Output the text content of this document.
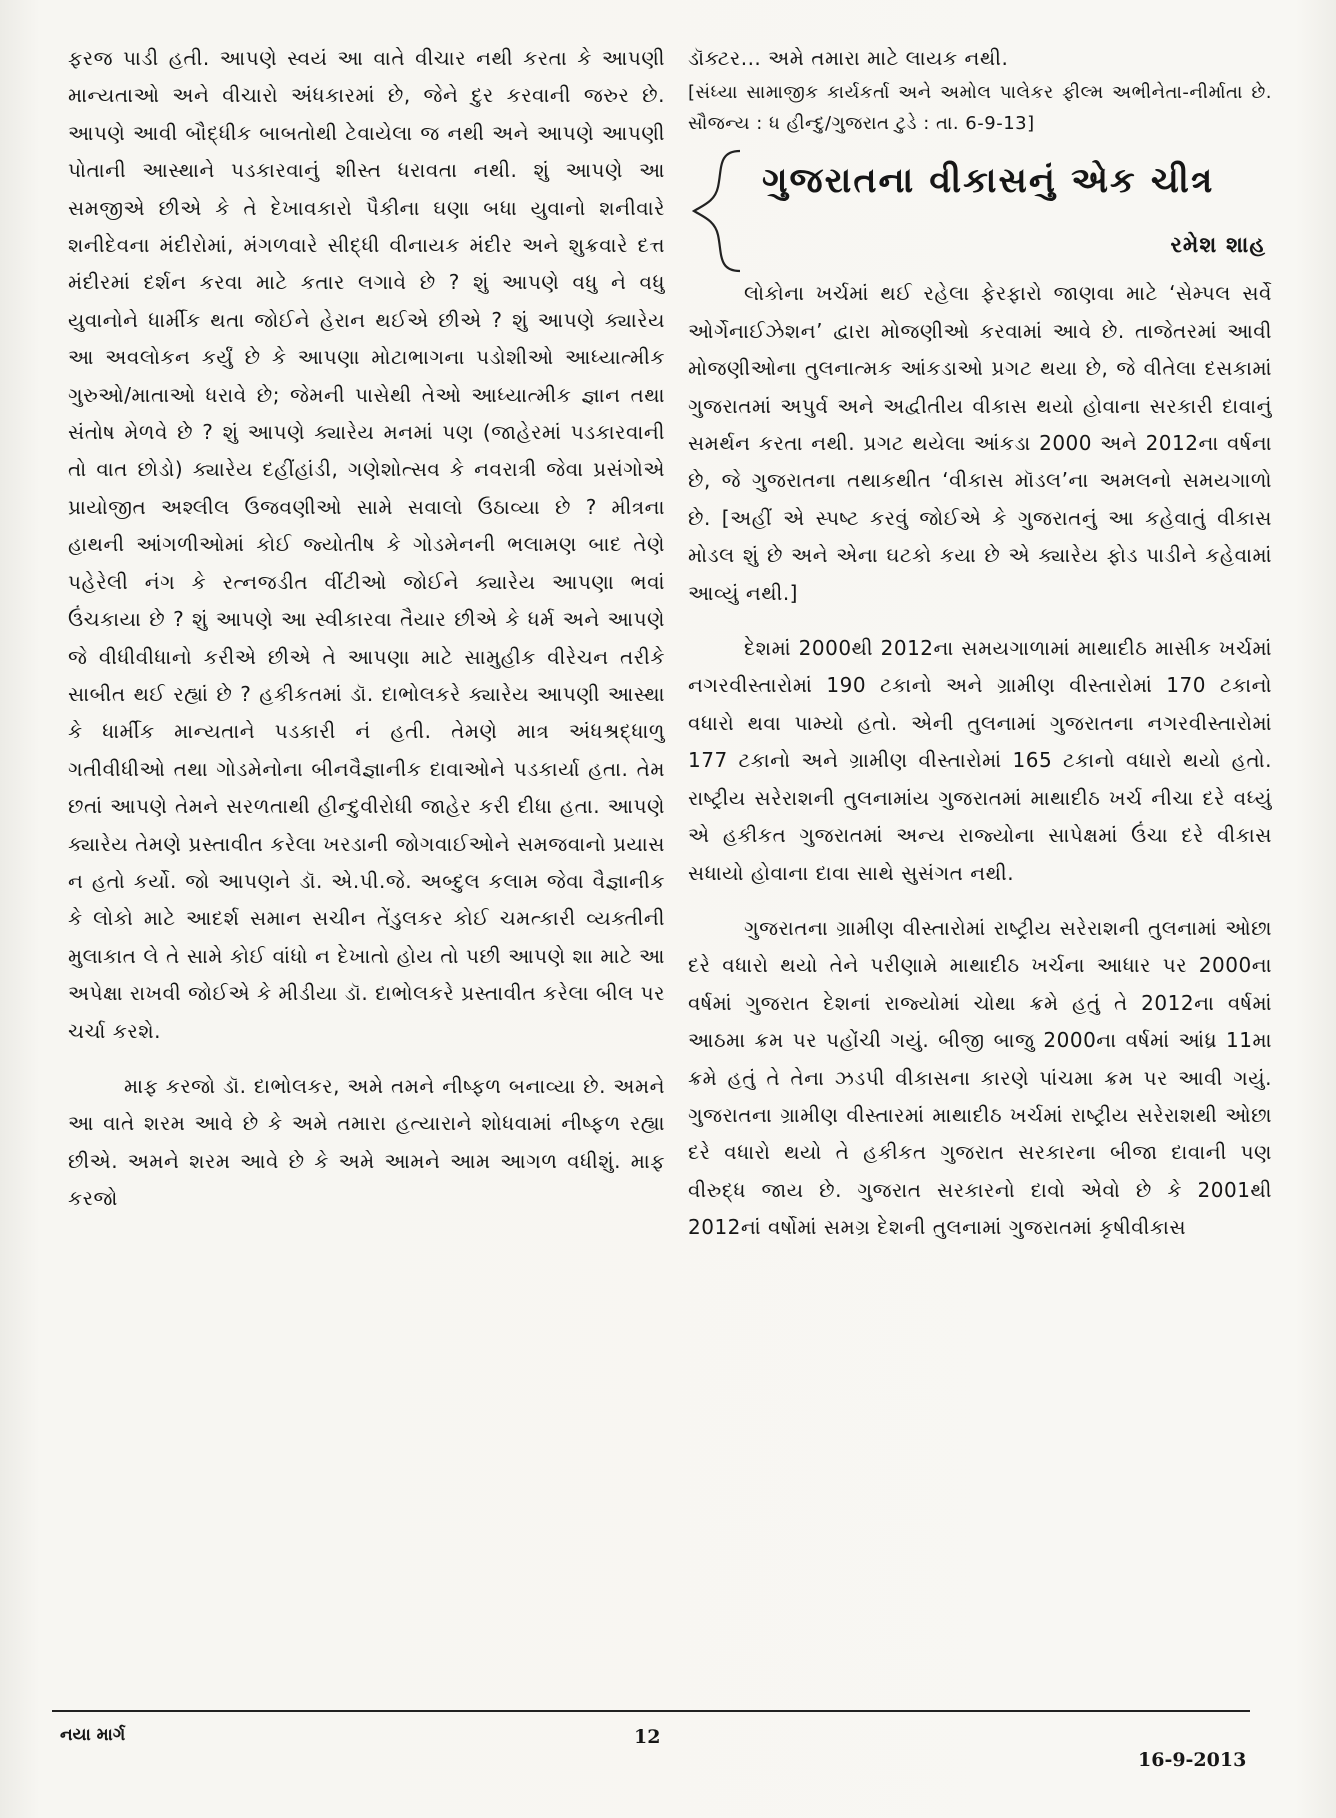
ફરજ પાડી હતી. આપણે સ્વયં આ વાતે વીચાર નથી કરતા કે આપણી માન્યતાઓ અને વીચારો અંધકારમાં છે, જેને દુર કરવાની જરુર છે. આપણે આવી બૌદ્ધીક બાબતોથી ટેવાયેલા જ નથી અને આપણે આપણી પોતાની આસ્થાને પડકારવાનું શીસ્ત ધરાવતા નથી. શું આપણે આ સમજીએ છીએ કે તે દેખાવકારો પૈકીના ઘણા બધા યુવાનો શનીવારે શનીદેવના મંદીરોમાં, મંગળવારે સીદ્ધી વીનાયક મંદીર અને શુક્રવારે દત્ત મંદીરમાં દર્શન કરવા માટે કતાર લગાવે છે ? શું આપણે વધુ ને વધુ યુવાનોને ધાર્મીક થતા જોઈને હેરાન થઈએ છીએ ? શું આપણે ક્યારેય આ અવલોકન કર્યું છે કે આપણા મોટાભાગના પડોશીઓ આધ્યાત્મીક ગુરુઓ/માતાઓ ધરાવે છે; જેમની પાસેથી તેઓ આધ્યાત્મીક જ્ઞાન તથા સંતોષ મેળવે છે ? શું આપણે ક્યારેય મનમાં પણ (જાહેરમાં પડકારવાની તો વાત છોડો) ક્યારેય દહીંહાંડી, ગણેશોત્સવ કે નવરાત્રી જેવા પ્રસંગોએ પ્રાયોજીત અશ્લીલ ઉજવણીઓ સામે સવાલો ઉઠાવ્યા છે ? મીત્રના હાથની આંગળીઓમાં કોઈ જ્યોતીષ કે ગોડમેનની ભલામણ બાદ તેણે પહેરેલી નંગ કે રત્નજડીત વીંટીઓ જોઈને ક્યારેય આપણા ભવાં ઉંચકાયા છે ? શું આપણે આ સ્વીકારવા તૈયાર છીએ કે ધર્મ અને આપણે જે વીધીવીધાનો કરીએ છીએ તે આપણા માટે સામુહીક વીરેચન તરીકે સાબીત થઈ રહ્યાં છે ? હકીકતમાં ડૉ. દાભોલકરે ક્યારેય આપણી આસ્થા કે ધાર્મીક માન્યતાને પડકારી નં હતી. તેમણે માત્ર અંધશ્રદ્ધાળુ ગતીવીધીઓ તથા ગોડમેનોના બીનવૈજ્ઞાનીક દાવાઓને પડકાર્યા હતા. તેમ છતાં આપણે તેમને સરળતાથી હીન્દુવીરોધી જાહેર કરી દીધા હતા. આપણે ક્યારેય તેમણે પ્રસ્તાવીત કરેલા ખરડાની જોગવાઈઓને સમજવાનો પ્રયાસ ન હતો કર્યો. જો આપણને ડૉ. એ.પી.જે. અબ્દુલ કલામ જેવા વૈજ્ઞાનીક કે લોકો માટે આદર્શ સમાન સચીન તેંડુલકર કોઈ ચમત્કારી વ્યક્તીની મુલાકાત લે તે સામે કોઈ વાંધો ન દેખાતો હોય તો પછી આપણે શા માટે આ અપેક્ષા રાખવી જોઈએ કે મીડીયા ડૉ. દાભોલકરે પ્રસ્તાવીત કરેલા બીલ પર ચર્ચા કરશે.

માફ કરજો ડૉ. દાભોલકર, અમે તમને નીષ્ફળ બનાવ્યા છે. અમને આ વાતે શરમ આવે છે કે અમે તમારા હત્યારાને શોધવામાં નીષ્ફળ રહ્યા છીએ. અમને શરમ આવે છે કે અમે આમને આમ આગળ વધીશું. માફ કરજો

ડૉક્ટર... અમે તમારા માટે લાયક નથી.

[સંધ્યા સામાજીક કાર્યકર્તા અને અમોલ પાલેકર ફીલ્મ અભીનેતા-નીર્માતા છે. સૌજન્ય : ધ હીન્દુ/ગુજરાત ટુડે : તા. 6-9-13]

ગુજરાતના વીકાસનું એક ચીત્ર
રમેશ શાહ

લોકોના ખર્ચમાં થઈ રહેલા ફેરફારો જાણવા માટે ‘સેમ્પલ સર્વે ઓર્ગેનાઈઝેશન’ દ્વારા મોજણીઓ કરવામાં આવે છે. તાજેતરમાં આવી મોજણીઓના તુલનાત્મક આંકડાઓ પ્રગટ થયા છે, જે વીતેલા દસકામાં ગુજરાતમાં અપુર્વ અને અદ્વીતીય વીકાસ થયો હોવાના સરકારી દાવાનું સમર્થન કરતા નથી. પ્રગટ થયેલા આંકડા 2000 અને 2012ના વર્ષના છે, જે ગુજરાતના તથાકથીત ‘વીકાસ મૉડલ’ના અમલનો સમયગાળો છે. [અહીં એ સ્પષ્ટ કરવું જોઈએ કે ગુજરાતનું આ કહેવાતું વીકાસ મોડલ શું છે અને એના ઘટકો કયા છે એ ક્યારેય ફોડ પાડીને કહેવામાં આવ્યું નથી.]

દેશમાં 2000થી 2012ના સમયગાળામાં માથાદીઠ માસીક ખર્ચમાં નગરવીસ્તારોમાં 190 ટકાનો અને ગ્રામીણ વીસ્તારોમાં 170 ટકાનો વધારો થવા પામ્યો હતો. એની તુલનામાં ગુજરાતના નગરવીસ્તારોમાં 177 ટકાનો અને ગ્રામીણ વીસ્તારોમાં 165 ટકાનો વધારો થયો હતો. રાષ્ટ્રીય સરેરાશની તુલનામાંય ગુજરાતમાં માથાદીઠ ખર્ચ નીચા દરે વધ્યું એ હકીકત ગુજરાતમાં અન્ય રાજ્યોના સાપેક્ષમાં ઉંચા દરે વીકાસ સધાયો હોવાના દાવા સાથે સુસંગત નથી.

ગુજરાતના ગ્રામીણ વીસ્તારોમાં રાષ્ટ્રીય સરેરાશની તુલનામાં ઓછા દરે વધારો થયો તેને પરીણામે માથાદીઠ ખર્ચના આધાર પર 2000ના વર્ષમાં ગુજરાત દેશનાં રાજ્યોમાં ચોથા ક્રમે હતું તે 2012ના વર્ષમાં આઠમા ક્રમ પર પહોંચી ગયું. બીજી બાજુ 2000ના વર્ષમાં આંધ્ર 11મા ક્રમે હતું તે તેના ઝડપી વીકાસના કારણે પાંચમા ક્રમ પર આવી ગયું. ગુજરાતના ગ્રામીણ વીસ્તારમાં માથાદીઠ ખર્ચમાં રાષ્ટ્રીય સરેરાશથી ઓછા દરે વધારો થયો તે હકીકત ગુજરાત સરકારના બીજા દાવાની પણ વીરુદ્ધ જાય છે. ગુજરાત સરકારનો દાવો એવો છે કે 2001થી 2012નાં વર્ષોમાં સમગ્ર દેશની તુલનામાં ગુજરાતમાં કૃષીવીકાસ

નયા માર્ગ	12
16-9-2013
